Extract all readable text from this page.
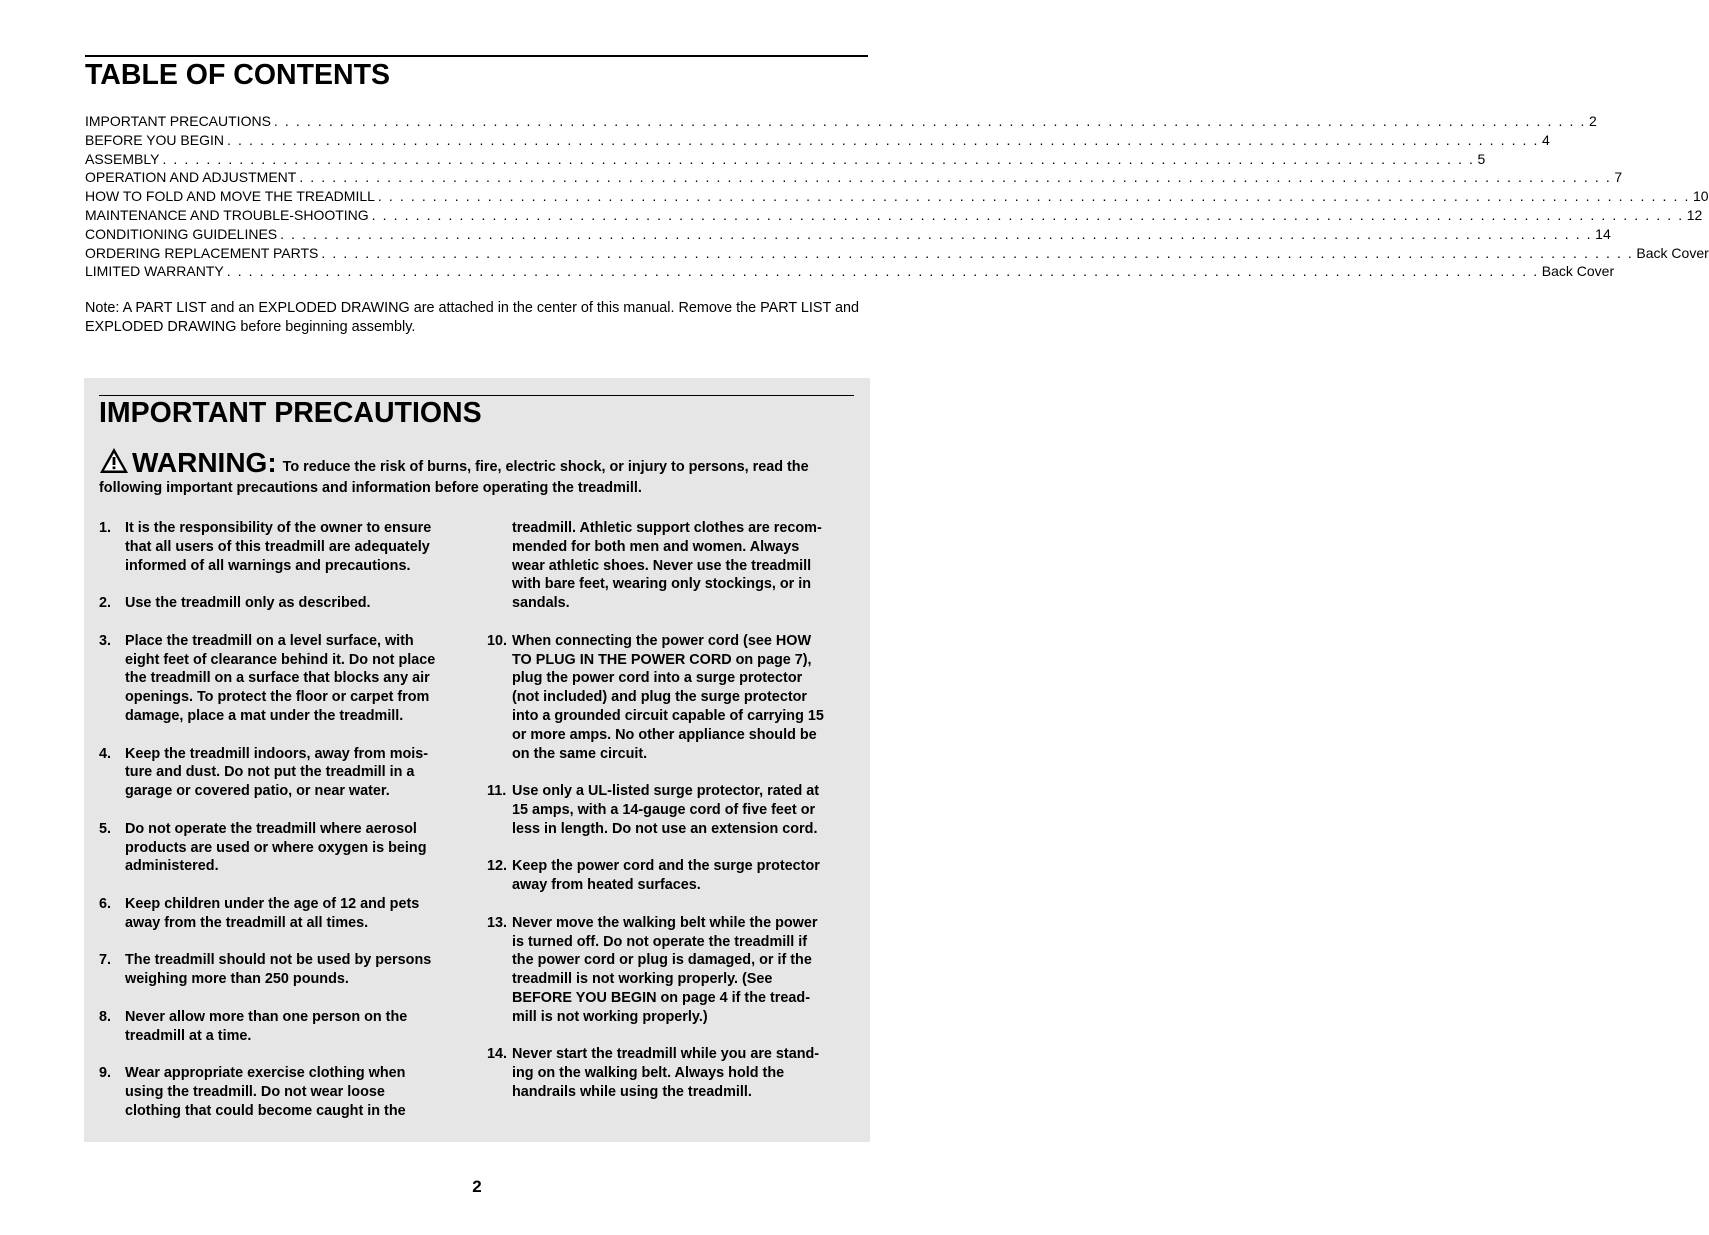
TABLE OF CONTENTS
IMPORTANT PRECAUTIONS . . . . . . . . . . . . . . . . . . . . . . . . . . . . . . . . . . . . . . . . . . . . . . . . . . . . . . . . . . . . . . . . . . . . . . . . . . . . . . . . . . . . . . . . . . . . . . . . . . . . . . . . . . . . . . . . . . . . . . . . 2
BEFORE YOU BEGIN . . . . . . . . . . . . . . . . . . . . . . . . . . . . . . . . . . . . . . . . . . . . . . . . . . . . . . . . . . . . . . . . . . . . . . . . . . . . . . . . . . . . . . . . . . . . . . . . . . . . . . . . . . . . . . . . . . . . . . . . 4
ASSEMBLY . . . . . . . . . . . . . . . . . . . . . . . . . . . . . . . . . . . . . . . . . . . . . . . . . . . . . . . . . . . . . . . . . . . . . . . . . . . . . . . . . . . . . . . . . . . . . . . . . . . . . . . . . . . . . . . . . . . . . . . . 5
OPERATION AND ADJUSTMENT . . . . . . . . . . . . . . . . . . . . . . . . . . . . . . . . . . . . . . . . . . . . . . . . . . . . . . . . . . . . . . . . . . . . . . . . . . . . . . . . . . . . . . . . . . . . . . . . . . . . . . . . . . . . . . . . . . . . . . . . 7
HOW TO FOLD AND MOVE THE TREADMILL . . . . . . . . . . . . . . . . . . . . . . . . . . . . . . . . . . . . . . . . . . . . . . . . . . . . . . . . . . . . . . . . . . . . . . . . . . . . . . . . . . . . . . . . . . . . . . . . . . . . . . . . . . . . . . . . . . . . . . . . 10
MAINTENANCE AND TROUBLE-SHOOTING . . . . . . . . . . . . . . . . . . . . . . . . . . . . . . . . . . . . . . . . . . . . . . . . . . . . . . . . . . . . . . . . . . . . . . . . . . . . . . . . . . . . . . . . . . . . . . . . . . . . . . . . . . . . . . . . . . . . . . . . 12
CONDITIONING GUIDELINES . . . . . . . . . . . . . . . . . . . . . . . . . . . . . . . . . . . . . . . . . . . . . . . . . . . . . . . . . . . . . . . . . . . . . . . . . . . . . . . . . . . . . . . . . . . . . . . . . . . . . . . . . . . . . . . . . . . . . . . . 14
ORDERING REPLACEMENT PARTS . . . . . . . . . . . . . . . . . . . . . . . . . . . . . . . . . . . . . . . . . . . . . . . . . . . . . . . . . . . . . . . . . . . . . . . . . . . . . . . . . . . . . . . . . . . . . . . . . . . . . . . . . . . . . . . . . . . . . . . . Back Cover
LIMITED WARRANTY . . . . . . . . . . . . . . . . . . . . . . . . . . . . . . . . . . . . . . . . . . . . . . . . . . . . . . . . . . . . . . . . . . . . . . . . . . . . . . . . . . . . . . . . . . . . . . . . . . . . . . . . . . . . . . . . . . . . . . . . Back Cover

Note: A PART LIST and an EXPLODED DRAWING are attached in the center of this manual. Remove the PART LIST and EXPLODED DRAWING before beginning assembly.

IMPORTANT PRECAUTIONS

WARNING: To reduce the risk of burns, fire, electric shock, or injury to persons, read the following important precautions and information before operating the treadmill.

1. It is the responsibility of the owner to ensure
that all users of this treadmill are adequately
informed of all warnings and precautions.
2. Use the treadmill only as described.
3. Place the treadmill on a level surface, with
eight feet of clearance behind it. Do not place
the treadmill on a surface that blocks any air
openings. To protect the floor or carpet from
damage, place a mat under the treadmill.
4. Keep the treadmill indoors, away from mois-
ture and dust. Do not put the treadmill in a
garage or covered patio, or near water.
5. Do not operate the treadmill where aerosol
products are used or where oxygen is being
administered.
6. Keep children under the age of 12 and pets
away from the treadmill at all times.
7. The treadmill should not be used by persons
weighing more than 250 pounds.
8. Never allow more than one person on the
treadmill at a time.
9. Wear appropriate exercise clothing when
using the treadmill. Do not wear loose
clothing that could become caught in the
treadmill. Athletic support clothes are recom-
mended for both men and women. Always
wear athletic shoes. Never use the treadmill
with bare feet, wearing only stockings, or in
sandals.
10. When connecting the power cord (see HOW
TO PLUG IN THE POWER CORD on page 7),
plug the power cord into a surge protector
(not included) and plug the surge protector
into a grounded circuit capable of carrying 15
or more amps. No other appliance should be
on the same circuit.
11. Use only a UL-listed surge protector, rated at
15 amps, with a 14-gauge cord of five feet or
less in length. Do not use an extension cord.
12. Keep the power cord and the surge protector
away from heated surfaces.
13. Never move the walking belt while the power
is turned off. Do not operate the treadmill if
the power cord or plug is damaged, or if the
treadmill is not working properly. (See
BEFORE YOU BEGIN on page 4 if the tread-
mill is not working properly.)
14. Never start the treadmill while you are stand-
ing on the walking belt. Always hold the
handrails while using the treadmill.
2
